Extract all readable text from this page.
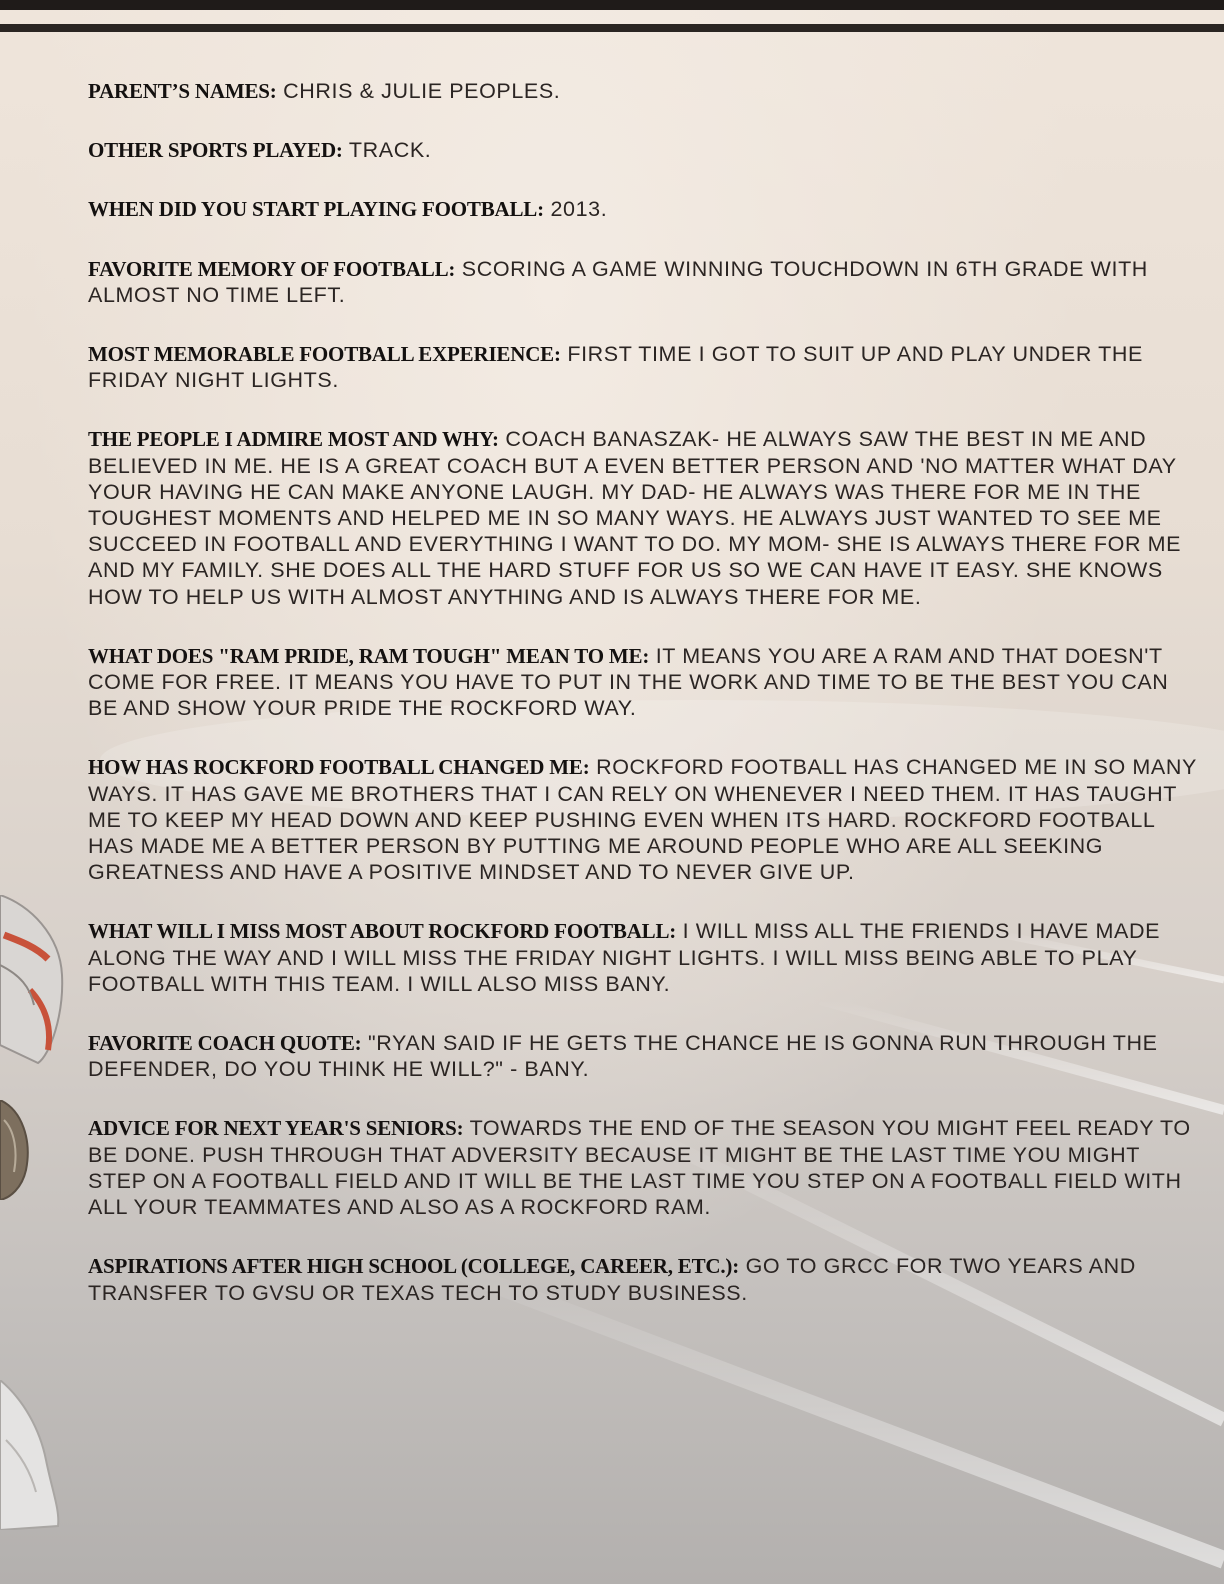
PARENT’S NAMES: CHRIS & JULIE PEOPLES.

OTHER SPORTS PLAYED: TRACK.

WHEN DID YOU START PLAYING FOOTBALL: 2013.

FAVORITE MEMORY OF FOOTBALL: SCORING A GAME WINNING TOUCHDOWN IN 6TH GRADE WITH ALMOST NO TIME LEFT.

MOST MEMORABLE FOOTBALL EXPERIENCE: FIRST TIME I GOT TO SUIT UP AND PLAY UNDER THE FRIDAY NIGHT LIGHTS.

THE PEOPLE I ADMIRE MOST AND WHY: COACH BANASZAK- HE ALWAYS SAW THE BEST IN ME AND BELIEVED IN ME. HE IS A GREAT COACH BUT A EVEN BETTER PERSON AND 'NO MATTER WHAT DAY YOUR HAVING HE CAN MAKE ANYONE LAUGH. MY DAD- HE ALWAYS WAS THERE FOR ME IN THE TOUGHEST MOMENTS AND HELPED ME IN SO MANY WAYS. HE ALWAYS JUST WANTED TO SEE ME SUCCEED IN FOOTBALL AND EVERYTHING I WANT TO DO. MY MOM- SHE IS ALWAYS THERE FOR ME AND MY FAMILY. SHE DOES ALL THE HARD STUFF FOR US SO WE CAN HAVE IT EASY. SHE KNOWS HOW TO HELP US WITH ALMOST ANYTHING AND IS ALWAYS THERE FOR ME.

WHAT DOES "RAM PRIDE, RAM TOUGH" MEAN TO ME: IT MEANS YOU ARE A RAM AND THAT DOESN'T COME FOR FREE. IT MEANS YOU HAVE TO PUT IN THE WORK AND TIME TO BE THE BEST YOU CAN BE AND SHOW YOUR PRIDE THE ROCKFORD WAY.

HOW HAS ROCKFORD FOOTBALL CHANGED ME: ROCKFORD FOOTBALL HAS CHANGED ME IN SO MANY WAYS. IT HAS GAVE ME BROTHERS THAT I CAN RELY ON WHENEVER I NEED THEM. IT HAS TAUGHT ME TO KEEP MY HEAD DOWN AND KEEP PUSHING EVEN WHEN ITS HARD. ROCKFORD FOOTBALL HAS MADE ME A BETTER PERSON BY PUTTING ME AROUND PEOPLE WHO ARE ALL SEEKING GREATNESS AND HAVE A POSITIVE MINDSET AND TO NEVER GIVE UP.

WHAT WILL I MISS MOST ABOUT ROCKFORD FOOTBALL: I WILL MISS ALL THE FRIENDS I HAVE MADE ALONG THE WAY AND I WILL MISS THE FRIDAY NIGHT LIGHTS. I WILL MISS BEING ABLE TO PLAY FOOTBALL WITH THIS TEAM. I WILL ALSO MISS BANY.

FAVORITE COACH QUOTE: "RYAN SAID IF HE GETS THE CHANCE HE IS GONNA RUN THROUGH THE DEFENDER, DO YOU THINK HE WILL?" - BANY.

ADVICE FOR NEXT YEAR'S SENIORS: TOWARDS THE END OF THE SEASON YOU MIGHT FEEL READY TO BE DONE. PUSH THROUGH THAT ADVERSITY BECAUSE IT MIGHT BE THE LAST TIME YOU MIGHT STEP ON A FOOTBALL FIELD AND IT WILL BE THE LAST TIME YOU STEP ON A FOOTBALL FIELD WITH ALL YOUR TEAMMATES AND ALSO AS A ROCKFORD RAM.

ASPIRATIONS AFTER HIGH SCHOOL (COLLEGE, CAREER, ETC.): GO TO GRCC FOR TWO YEARS AND TRANSFER TO GVSU OR TEXAS TECH TO STUDY BUSINESS.
